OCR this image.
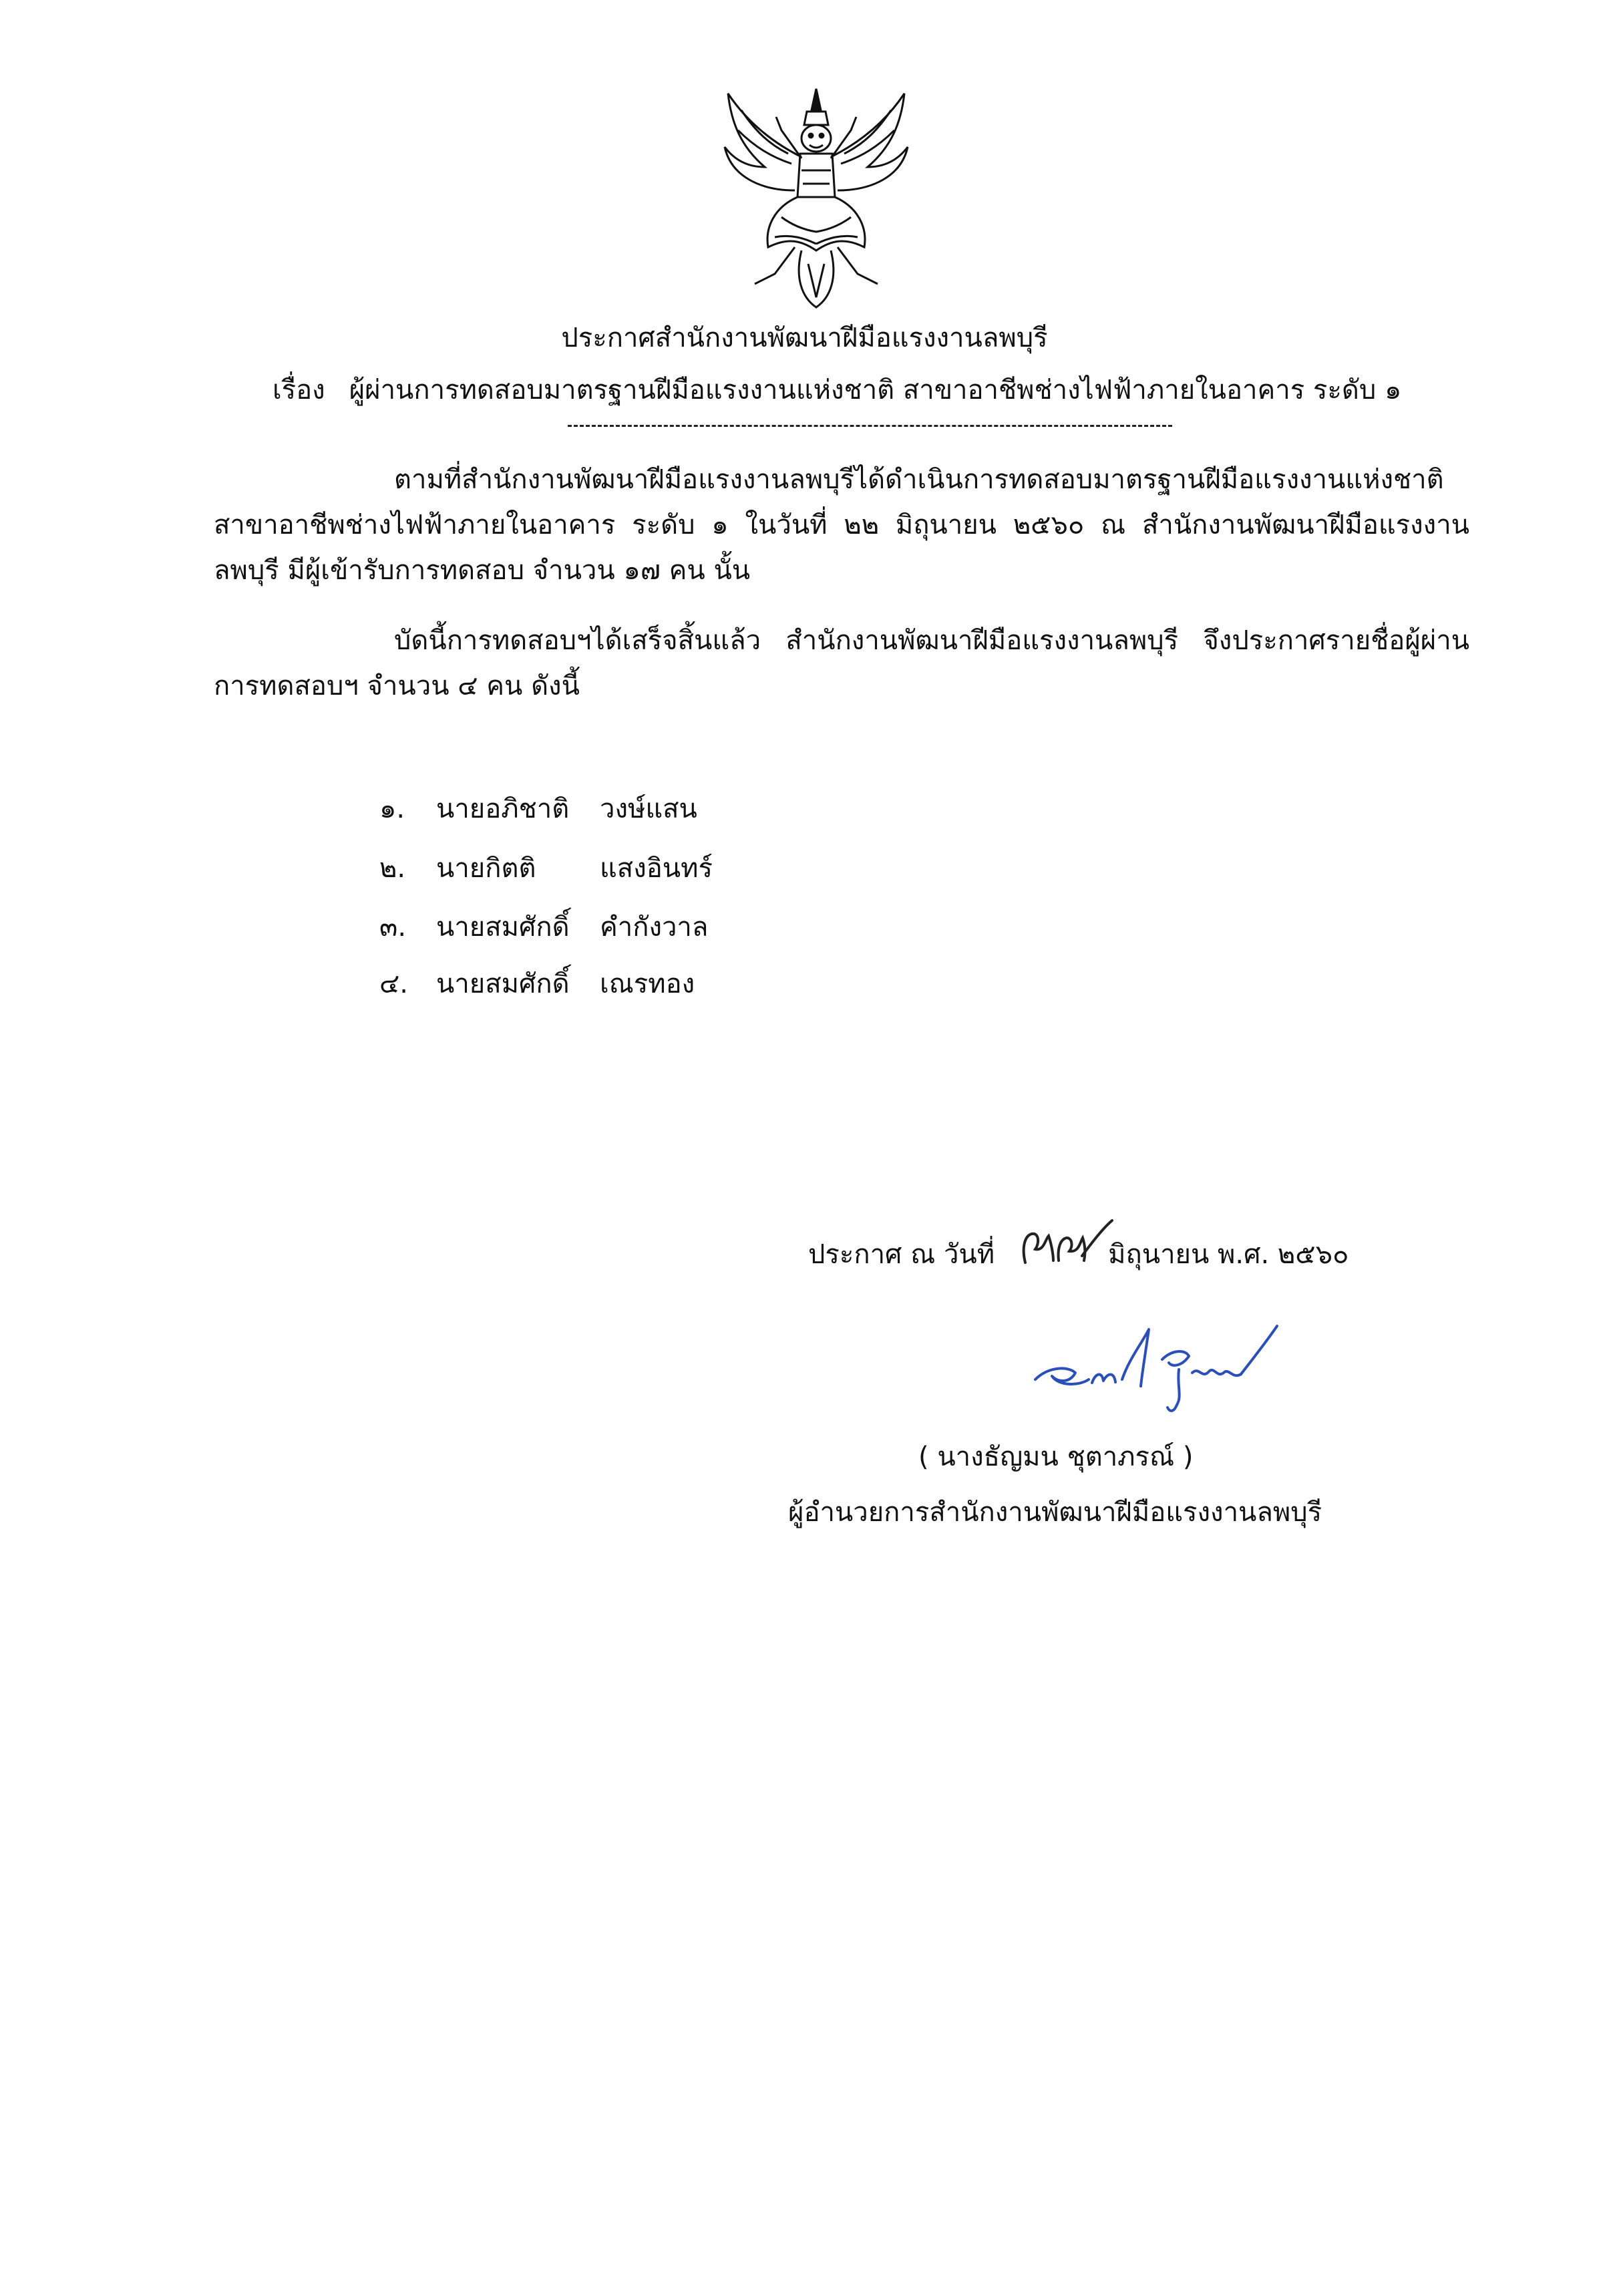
ประกาศสำนักงานพัฒนาฝีมือแรงงานลพบุรี
เรื่อง ผู้ผ่านการทดสอบมาตรฐานฝีมือแรงงานแห่งชาติ สาขาอาชีพช่างไฟฟ้าภายในอาคาร ระดับ ๑
ตามที่สำนักงานพัฒนาฝีมือแรงงานลพบุรีได้ดำเนินการทดสอบมาตรฐานฝีมือแรงงานแห่งชาติ สาขาอาชีพช่างไฟฟ้าภายในอาคาร ระดับ ๑ ในวันที่ ๒๒ มิถุนายน ๒๕๖๐ ณ สำนักงานพัฒนาฝีมือแรงงานลพบุรี มีผู้เข้ารับการทดสอบ จำนวน ๑๗ คน นั้น
บัดนี้การทดสอบฯได้เสร็จสิ้นแล้ว สำนักงานพัฒนาฝีมือแรงงานลพบุรี จึงประกาศรายชื่อผู้ผ่านการทดสอบฯ จำนวน ๔ คน ดังนี้
๑. นายอภิชาติ วงษ์แสน
๒. นายกิตติ แสงอินทร์
๓. นายสมศักดิ์ คำกังวาล
๔. นายสมศักดิ์ เณรทอง
ประกาศ ณ วันที่	มิถุนายน พ.ศ. ๒๕๖๐
( นางธัญมน ชุตาภรณ์ )
ผู้อำนวยการสำนักงานพัฒนาฝีมือแรงงานลพบุรี
